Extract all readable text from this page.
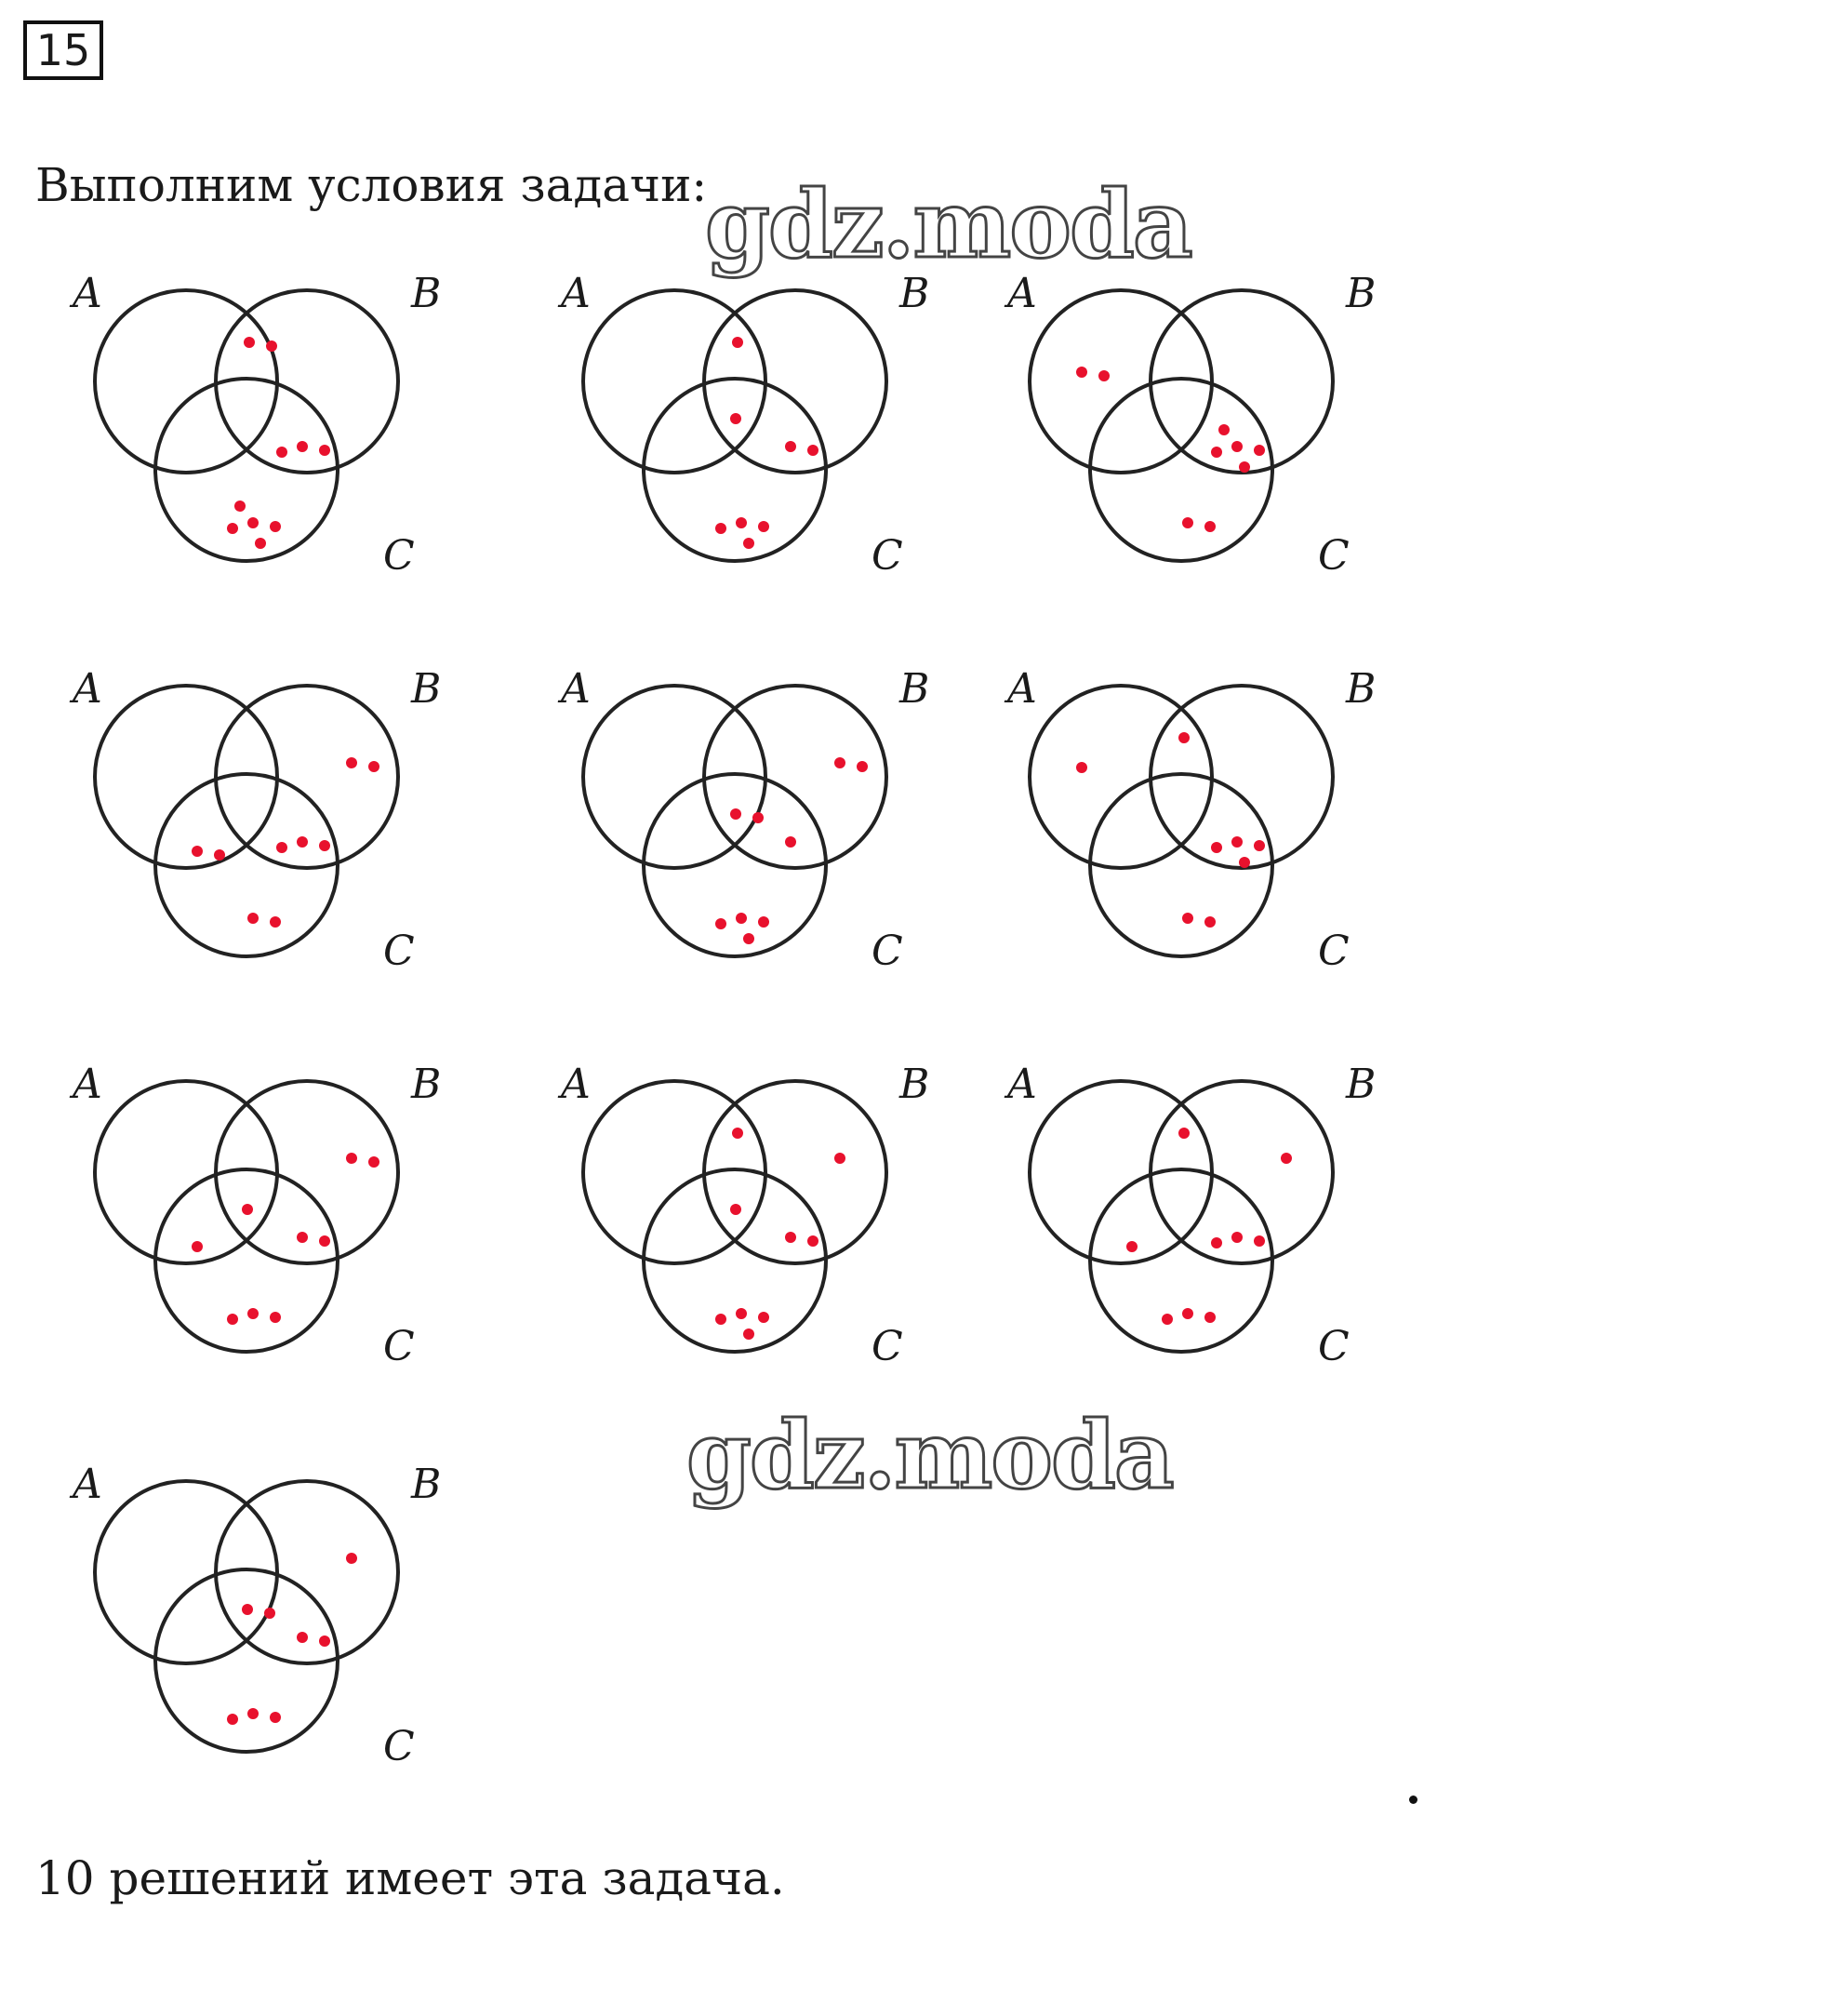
15
Выполним условия задачи:
A	B
C
A	B
C
A	B
C
A	B
C
A	B
C
A	B
C
A	B
C
A	B
C
A	B
C
A	B
C
gdz.moda
gdz.moda
10 решений имеет эта задача.
